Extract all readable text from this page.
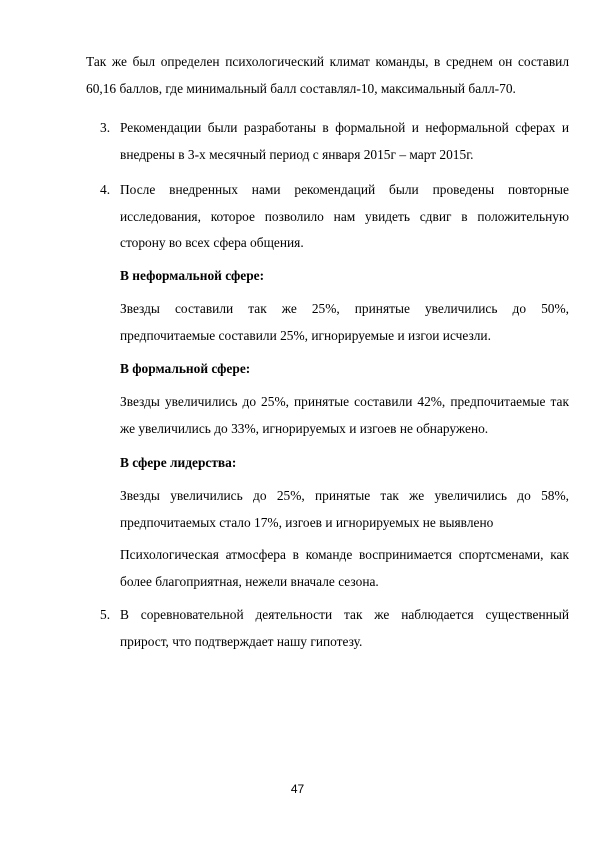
Так же был определен психологический климат команды, в среднем он составил 60,16 баллов, где минимальный балл составлял-10, максимальный балл-70.

3. Рекомендации были разработаны в формальной и неформальной сферах и внедрены в 3-х месячный период с января 2015г – март 2015г.
4. После внедренных нами рекомендаций были проведены повторные исследования, которое позволило нам увидеть сдвиг в положительную сторону во всех сфера общения.
В неформальной сфере:
Звезды составили так же 25%, принятые увеличились до 50%, предпочитаемые составили 25%, игнорируемые и изгои исчезли.
В формальной сфере:
Звезды увеличились до 25%, принятые составили 42%, предпочитаемые так же увеличились до 33%, игнорируемых и изгоев не обнаружено.
В сфере лидерства:
Звезды увеличились до 25%, принятые так же увеличились до 58%, предпочитаемых стало 17%, изгоев и игнорируемых не выявлено
Психологическая атмосфера в команде воспринимается спортсменами, как более благоприятная, нежели вначале сезона.
5. В соревновательной деятельности так же наблюдается существенный прирост, что подтверждает нашу гипотезу.
47
